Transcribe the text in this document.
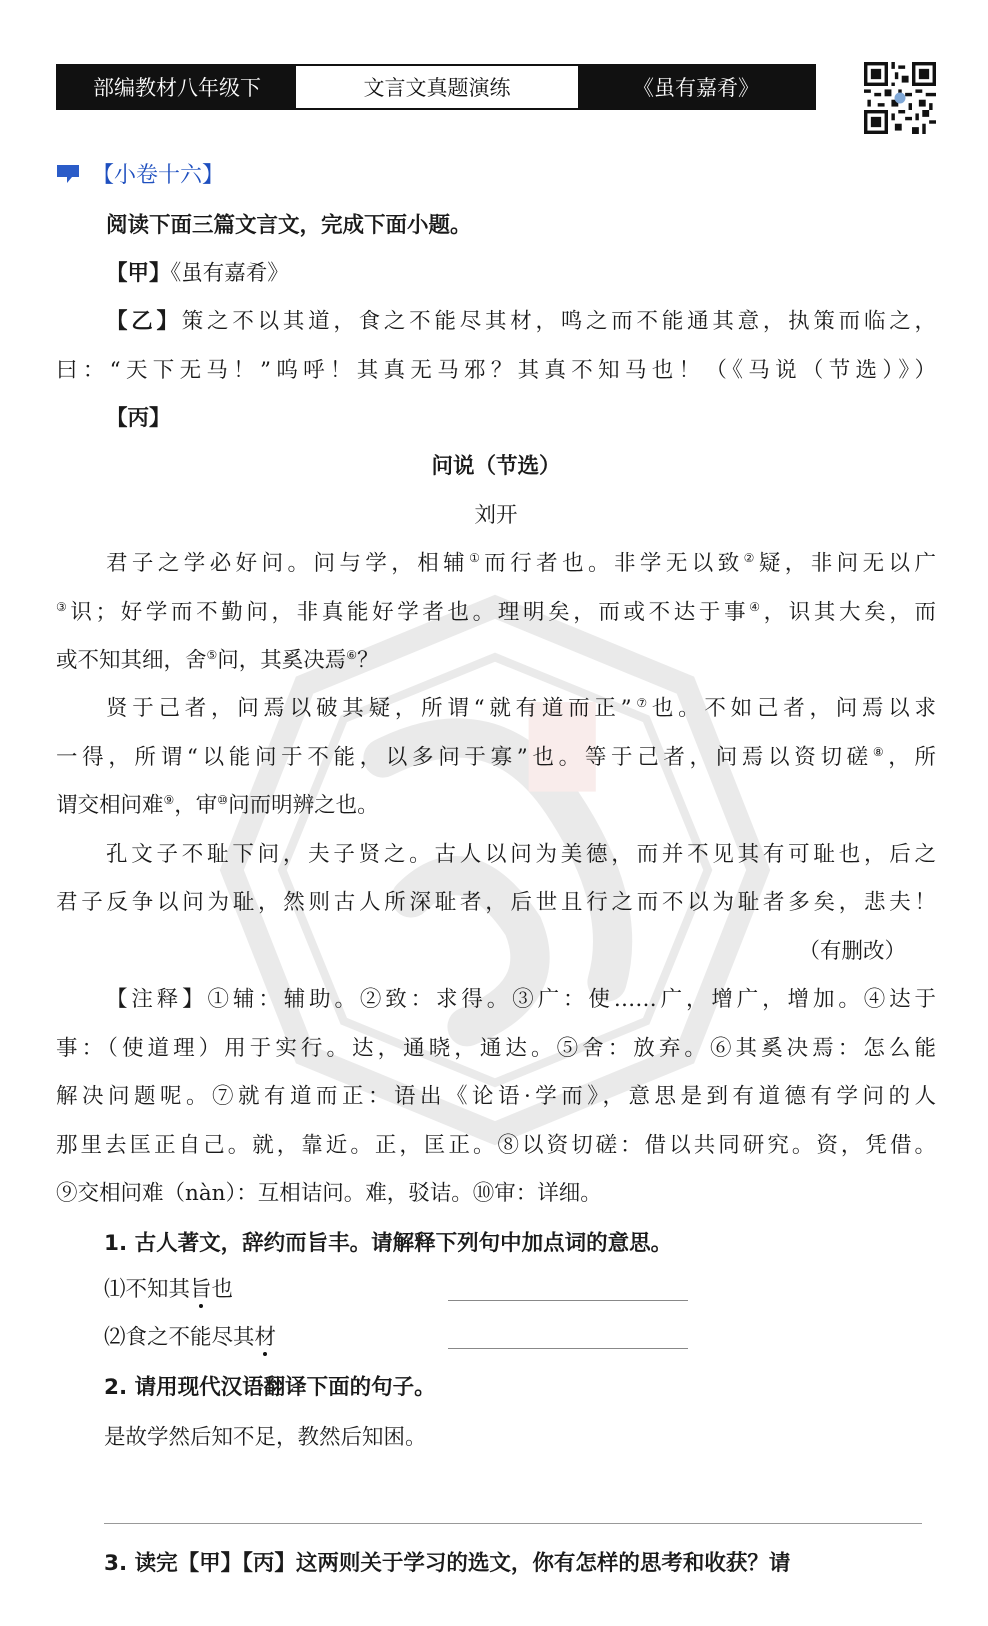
部编教材八年级下	文言文真题演练	《虽有嘉肴》
【小卷十六】
阅读下面三篇文言文，完成下面小题。
【甲】《虽有嘉肴》
【乙】策之不以其道，食之不能尽其材，鸣之而不能通其意，执策而临之，
曰：“天下无马！”呜呼！其真无马邪？其真不知马也！（《马说（节选）》）
【丙】
问说（节选）
刘开
君子之学必好问。问与学，相辅①而行者也。非学无以致②疑，非问无以广
③识；好学而不勤问，非真能好学者也。理明矣，而或不达于事④，识其大矣，而
或不知其细，舍⑤问，其奚决焉⑥？
贤于己者，问焉以破其疑，所谓“就有道而正”⑦也。不如己者，问焉以求
一得，所谓“以能问于不能，以多问于寡”也。等于己者，问焉以资切磋⑧，所
谓交相问难⑨，审⑩问而明辨之也。
孔文子不耻下问，夫子贤之。古人以问为美德，而并不见其有可耻也，后之
君子反争以问为耻，然则古人所深耻者，后世且行之而不以为耻者多矣，悲夫！
（有删改）
【注释】①辅：辅助。②致：求得。③广：使……广，增广，增加。④达于
事：（使道理）用于实行。达，通晓，通达。⑤舍：放弃。⑥其奚决焉：怎么能
解决问题呢。⑦就有道而正：语出《论语·学而》，意思是到有道德有学问的人
那里去匡正自己。就，靠近。正，匡正。⑧以资切磋：借以共同研究。资，凭借。
⑨交相问难（nàn）：互相诘问。难，驳诘。⑩审：详细。
1. 古人著文，辞约而旨丰。请解释下列句中加点词的意思。
⑴不知其旨也
⑵食之不能尽其材
2. 请用现代汉语翻译下面的句子。
是故学然后知不足，教然后知困。
3. 读完【甲】【丙】这两则关于学习的选文，你有怎样的思考和收获？请
